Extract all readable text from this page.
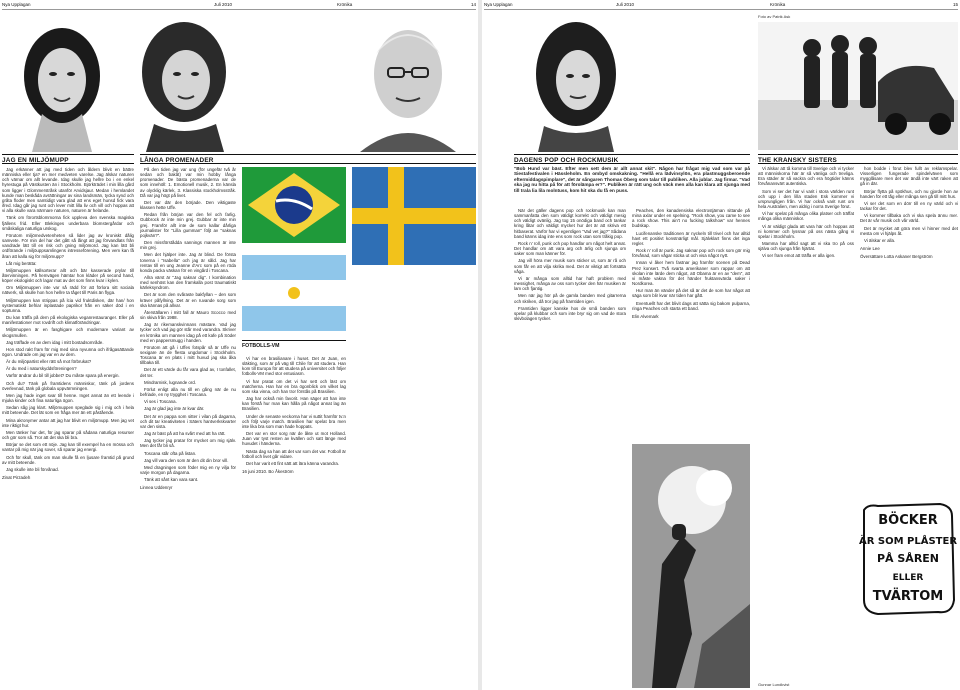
Nya Upplagan	Juli 2010	Krönika	14
JAG EN MILJÖMUPP	LÅNGA PROMENADER

Jag erkänner att jag med tiden och åldern blivit en bättre människa eller tja? en mer medveten varelse. Jag älskar naturen och värnar om allt levande. Idag skulle jag hellre bo i en enkel hyrestuga på Västkusten än i Stockholm. Björkträdet i min lilla gård som ligger i Glommerstråsk utanför Arvidsjaur. Medan i hemlandet kunde man beskåda avrättningar av sina landsmän, tycka synd och gråta floder men samtidigt vara glad att ens eget hunsd fick vara ifred. Idag går jag runt och lever mitt lilla liv och vill och hoppas att vi alla skulle vara närmare naturen, naturen är helande.

Tänk om förortsblommorna fick uppleva den svenska magiska fjällens frid. Eller Blekinges underbara blomstergårdar och småskaliga naturliga urskog.

Förutom miljömedvetenheten så lider jag av kroniskt dålig samvete. För min del har det gått så långt att jag förvandlats från vandrade lätt till en risk och gning miljömord. Jag kan lätt bli ordförande i miljöuppsamlingens intresseförening. Men vem kan få åran att kalla sig för miljömupp?

Låt mig berätta:

Miljömuppen källsorterar allt och bär kasserade prylar till återvinningen. På hemvägen hämtar hon kläder på second hand, köper ekologiskt och lagar mat av det som finns kvar i kylen.

Om Miljömuppen inte var så rädd för att förlora sitt sociala nätverk, så skulle hon hon hellre ta tåget till Paris än flyga.

Miljömuppen kan strippas på lcia vid fruktdisken, där han/ hon systematiskt befriar inplastade paprikor från en säker död i en soptunna.

Du kan träffa på dem på ekologiska veganrestauranger. Eller på manifestationer mot rovdrift och klimatförändringar.

Miljömuppen är en fasghigare och modernare variant av skogsmullen.

Jag träffade en av dem idag i mitt bostadsområde.

Hon stod rakt fram för mig med sina nyvunna och ifrågasättande ögon. Undrade om jag var en av dem.

Är du miljöpartist eller rätt så mot förbrukat?

Är du med i naturskyddsföreningen?

Varför ändrar du bil till jobbet? Du måste spara på energin.

Och du? Tänk på framtidens människor, tänk på jordens överlevnad, tänk på globala uppvärmningen.

Men jag hade inget svar till henne. Inget annat än ett leende i mjuka kinder och fina naturliga ögon.

Sedan såg jag klart. Miljömuppen speglade sig i mig och i hela mitt beteende. Det lät som en fråga mer än ett påstående.

Mina akronymer antar att jag har blivit en miljömupp. Men jag vet inte riktigt hur.

Men tänker hur det, för jag sparar på sådana naturliga resurser och gör som så. Tror att det ska bli bra.

Börjar se det som ett nöje. Jag kan till exempel ha en mössa och vantar på mig när jag sover, så sparar jag energi.

Och för skull, tänk om man skulle få en ljusare framtid på grund av mitt beteende.

Jag skulle inte bli förvånad.

Zinat Pirzadeh

På den tiden jag var ung (för ungefär två år sedan och bakåt) var min hobby långa promenader. De bästa promenaderna var de som innehöll: 1. Emotionell musik, 2. En känsla av olycklig kärlek, 3. Klassiska stockholmsstråk. Då var jag högt på livet.

Det var där den började. Den viktigaste klassen hette Uffe.

Redan från början var den fel och farlig. Gubbrock är inte min grej. Gubbar är inte min grej. Framför allt inte de som kallar dårliga journalister för "Lilla gumman" följt av "saknas pojkvän?".

Den missförstådda sannings mannen är inte min grej.

Men det hjälper inte. Jag är blind. De första tonerna i "Isabella" och jag är såld. Jag har rentav till en ung Jeanne d'Arc som på en röda konda packa väskan för en vingård i Toscana.

Allra värst är "Jag saknar dig". I kombination med senhöst kan den framkalla post traumatiskt kärleksyndrom.

Det är som den svåraste bakfyllan – den som kräver påfyllning. Det är en ruvande sorg som ska kännas på allvar.

Återställaren i mitt fall är Mauro Scocco med sin skiva från 1988.

Jag är rikemanskvinnans mästare. Vad jag tycker och vad jag gör står med varandra. Skriver en krönika om mannen idag på ett kafe på Söder med en pappersmugg i handen.

Förutom att gå i Uffes fotspår så är Uffe nu sexigare än de flesta ungdomar i Stockholm. Toscana är en plats i mitt huvud jag ska åka tillbaka till.

Det är ett värde du får vara glad av, I tonfallet, det ter.

Mindrarnisk, lugnande ord.

Förlut enligt alla nu till en gång när de nu befriade, en ny trygghet i Toscana.

Vi ses i Toscana.

Jag är glad jag inte är kvar där.

Det är en pappa som sitter i vilan på dagarna, och dit tar kreativiteten i Säters hantverkskvarter var den sista.

Jag är bäst på att ha svårt med att ha rätt.

Jag tycker jag pratar för mycket om mig själv. Men det får bli så.

Toscana står ofta på listan.

Jag vill vara den som är den dit din bror vill.

Med dragningen som föder mig en ny vilja för varje morgon på dagarna.

Tänk att sånt kan vara sant.

Linnea Uddenryr

FOTBOLLS-VM

Vi har en brasilianare i huset. Det är Juan, en släkting, som är på väg till Chile för att studera. Han kom till Europa för att studera på universitet och följer fotbolls-VM med stor entusiasm.

Vi har pratat om det vi har sett och läst om matcherna. Han har en bra ögonblick om vilket lag som ska vinna, och han tror förstås på Brasilien.

Jag har också min favorit. Han säger att han inte kan förstå hur man kan hålla på något annat lag än Brasilien.

Under de senaste veckorna har vi suttit framför tv:n och följt varje match. Brasilien har spelat bra men inte lika bra som man hade hoppats.

Det var en stor sorg när de åkte ut mot Holland. Juan var tyst resten av kvällen och satt länge med huvudet i händerna.

Nästa dag sa han att det var som det var. Fotboll är fotboll och livet går vidare.

Det har varit ett fint sätt att lära känna varandra.

16 juni 2010. Bo Åkeström

Nya Upplagan	Juli 2010	Krönika	15
Foto av Patrik Ask
DAGENS POP OCH ROCKMUSIK	THE KRANSKY SISTERS
"Bob Hund var bäst. Efter men sett dem är allt annat skit". Någon har frågat mig vad som var på Siestafestivalen i Hässleholm. En ombyd omskakning. "Hellå era lädvinsylön, era plastmuggsberoende eftermiddagspimplare", det är sångaren Thomas Öberg som talar till publiken. Alla jublar. Jag firmar. "Vad ska jag nu hitta på för att förolämpa er?". Publiken är rätt ung och väck men alla kan klara att sjunga med till trala lia lila molntuss, kom hit ska du få en puss.

När det gäller dagens pop och rockmusik kan man sammanfatta den som väldigt korrekt och väldigt mesig och väldigt ovänlig. Jag tog 15 onödiga band och tankar kring låtar och väldigt mycket hur det är att skriva ett hitbaserat. Varför har vi egentligen "Vad vet jag?" Sådana band känns idag inte ens som rock utan som tråkig pop.

Rock n' roll, punk och pop handlar om något helt annat. Det handlar om att vara arg och ärlig och sjunga om saker som man känner för.

Jag vill höra mer musik som sticker ut, som är rå och som får en att vilja skrika med. Det är viktigt att fortsätta våga.

Vi är många som alltid har haft problem med messighet, många av oss som tycker den här musiken är lam och fjantig.

Men när jag hör på de gamla banden med gitarrerna och skriken, då tror jag på framtiden igen.

Framtiden ligger kanske hos de små banden som spelar på klubbar och som inte bryr sig om vad de stora skivbolagen tycker.

Peaches, den kanadensiska electrostjärnan sittande på mina axlar under en spelning. "Rock show, you came to see a rock show. This ain't no fucking talkshow" var hennes budskap.

Lucifenanske traditionen är nyckeln till trivel och har alltid havt ett positivt konstnärligt mål. Självklart finns det inga regler.

Rock n' roll är punk. Jag saknar pop och rock som gör mig förvånad, som vågar sticka ut och visa något nytt.

Innan vi åker hem fastnar jag framför scenen på Dead Prez konsert. Två svarta amerikaner som rappar om att skolan inte lärde dem något, att Obama är en av "dem", att vi måste vakna för det händer fruktansvärda saker i Nordkorea.

Hur man än vänder på det så är det de som har något att säga som blir kvar när tiden har gått.

Eventuellt har det blivit dags att sätta sig bakom pulparna, ringa Peaches och starta ett band.

Elin Alvemark

Gunnar Lundkvist

Vi älskar att tå komma till Sverige och vi tycker att människorna här är så vänliga och trevliga. Era städer är så vackra och era högtider känns förvånansvärt autentiska.

Som vi ser det har vi varit i stora världen runt och upp i den lilla staden Esk kommer vi ursprungligen från. Vi har också varit runt om hela Australien, men aldrig i norra Sverige förut.

Vi har spelat på många olika platser och träffat många olika människor.

Vi är väldigt glada att vara här och hoppas att ni kommer och lyssnar på oss nästa gång vi spelar i Stockholm.

Mamma har alltid sagt att vi ska tro på oss själva och sjunga från hjärtat.

Vi ser fram emot att träffa er alla igen.

hon bodde i förut blev fullt av reklamspelar. Visserligen fungerade spindelväven som mygglåsare men det var ändå inte värt raken att gå in där.

Börjar flytta på spökhus, och nu gjorde hon av handen för ett tåg eller många sen gå till mitt hus.

Vi ser det som en dörr till en ny värld och vi tackar för det.

Vi kommer tillbaka och vi ska spela ännu mer. Det är vår musik och vår värld.

Det är mycket att göra men vi hinner med det mesta om vi hjälps åt.

Vi älskar er alla.

Annie Lee

Översättare Lotta Askaner Bergström

BÖCKER
ÄR SOM PLÅSTER
PÅ SÅREN
ELLER
TVÄRTOM
